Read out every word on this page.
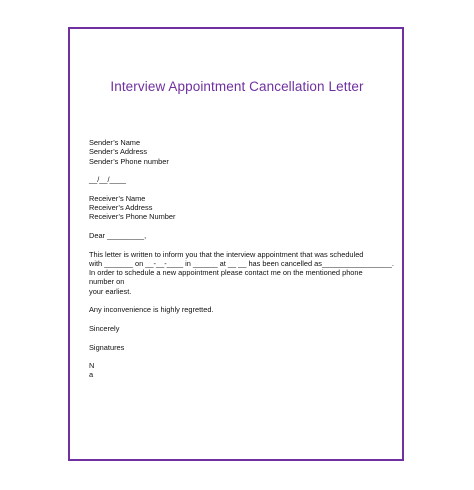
Interview Appointment Cancellation Letter
Sender’s Name
Sender’s Address
Sender’s Phone number
__/__/____
Receiver’s Name
Receiver’s Address
Receiver’s Phone Number
Dear _________,
This letter is written to inform you that the interview appointment that was scheduled
with _______ on __-__-____ in ______ at __ __ has been cancelled as_________________.
In order to schedule a new appointment please contact me on the mentioned phone number on
your earliest.
Any inconvenience is highly regretted.
Sincerely
Signatures
N
a
